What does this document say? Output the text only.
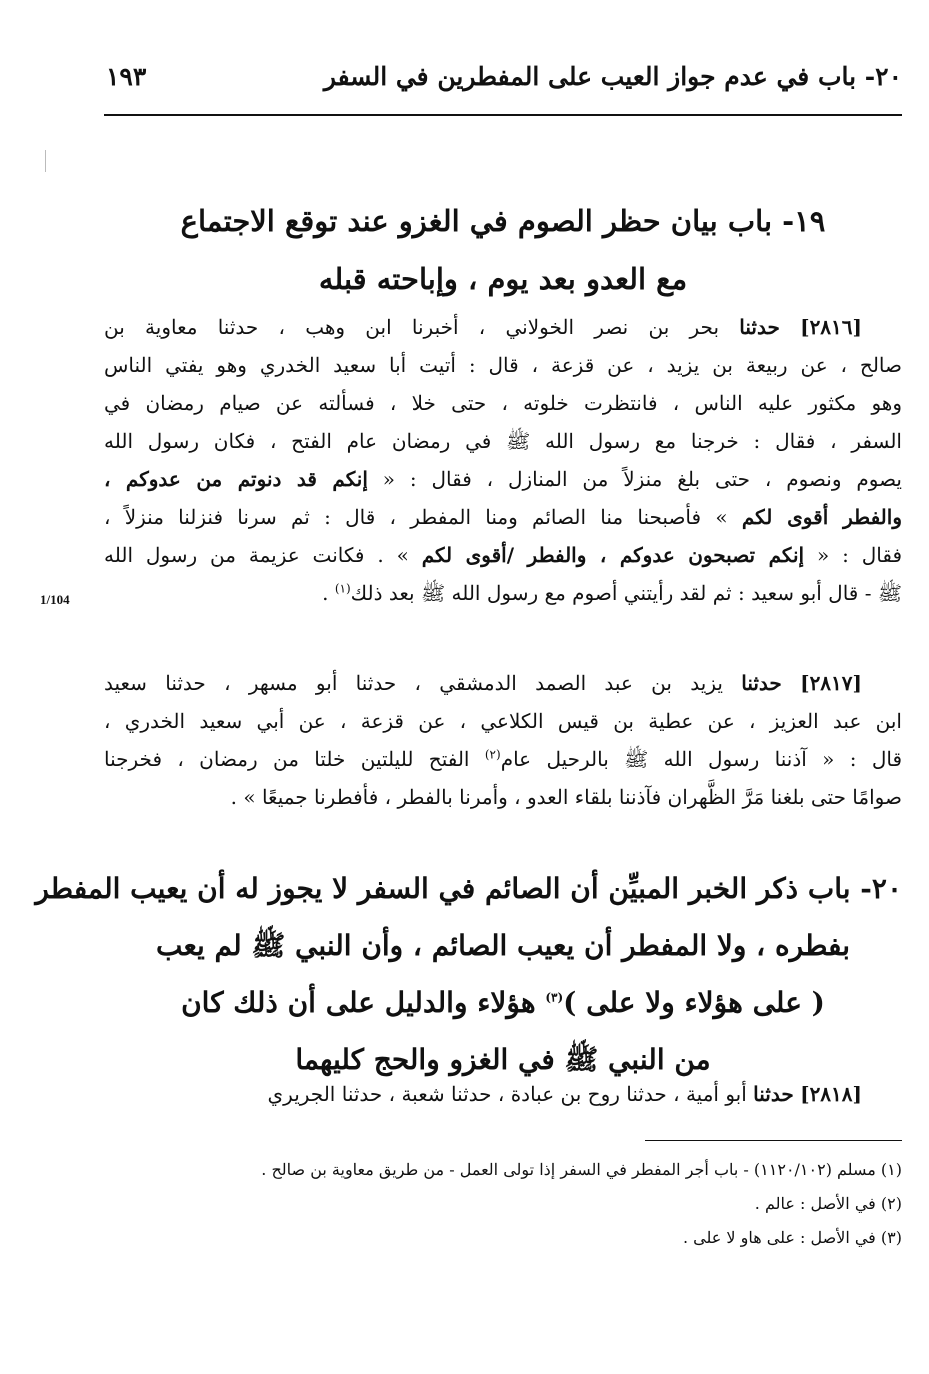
٢٠- باب في عدم جواز العيب على المفطرين في السفر
١٩٣
١٩- باب بيان حظر الصوم في الغزو عند توقع الاجتماع
مع العدو بعد يوم ، وإباحته قبله
[٢٨١٦] حدثنا بحر بن نصر الخولاني ، أخبرنا ابن وهب ، حدثنا معاوية بن
صالح ، عن ربيعة بن يزيد ، عن قزعة ، قال : أتيت أبا سعيد الخدري وهو يفتي الناس
وهو مكثور عليه الناس ، فانتظرت خلوته ، حتى خلا ، فسألته عن صيام رمضان في
السفر ، فقال : خرجنا مع رسول الله ﷺ في رمضان عام الفتح ، فكان رسول الله
يصوم ونصوم ، حتى بلغ منزلاً من المنازل ، فقال : « إنكم قد دنوتم من عدوكم ،
والفطر أقوى لكم » فأصبحنا منا الصائم ومنا المفطر ، قال : ثم سرنا فنزلنا منزلاً ،
فقال : « إنكم تصبحون عدوكم ، والفطر /أقوى لكم » . فكانت عزيمة من رسول الله
ﷺ - قال أبو سعيد : ثم لقد رأيتني أصوم مع رسول الله ﷺ بعد ذلك$^{(١)}$ .
1/104
[٢٨١٧] حدثنا يزيد بن عبد الصمد الدمشقي ، حدثنا أبو مسهر ، حدثنا سعيد
ابن عبد العزيز ، عن عطية بن قيس الكلاعي ، عن قزعة ، عن أبي سعيد الخدري ،
قال : « آذننا رسول الله ﷺ بالرحيل عام$^{(٢)}$ الفتح لليلتين خلتا من رمضان ، فخرجنا
صوامًا حتى بلغنا مَرَّ الظَّهران فآذننا بلقاء العدو ، وأمرنا بالفطر ، فأفطرنا جميعًا » .
٢٠- باب ذكر الخبر المبيِّن أن الصائم في السفر لا يجوز له أن يعيب المفطر
بفطره ، ولا المفطر أن يعيب الصائم ، وأن النبي ﷺ لم يعب
( على هؤلاء ولا على )$^{(٣)}$ هؤلاء والدليل على أن ذلك كان
من النبي ﷺ في الغزو والحج كليهما
[٢٨١٨] حدثنا أبو أمية ، حدثنا روح بن عبادة ، حدثنا شعبة ، حدثنا الجريري
(١) مسلم (١١٢٠/١٠٢) - باب أجر المفطر في السفر إذا تولى العمل - من طريق معاوية بن صالح .
(٢) في الأصل : عالم .
(٣) في الأصل : على هاو لا على .
